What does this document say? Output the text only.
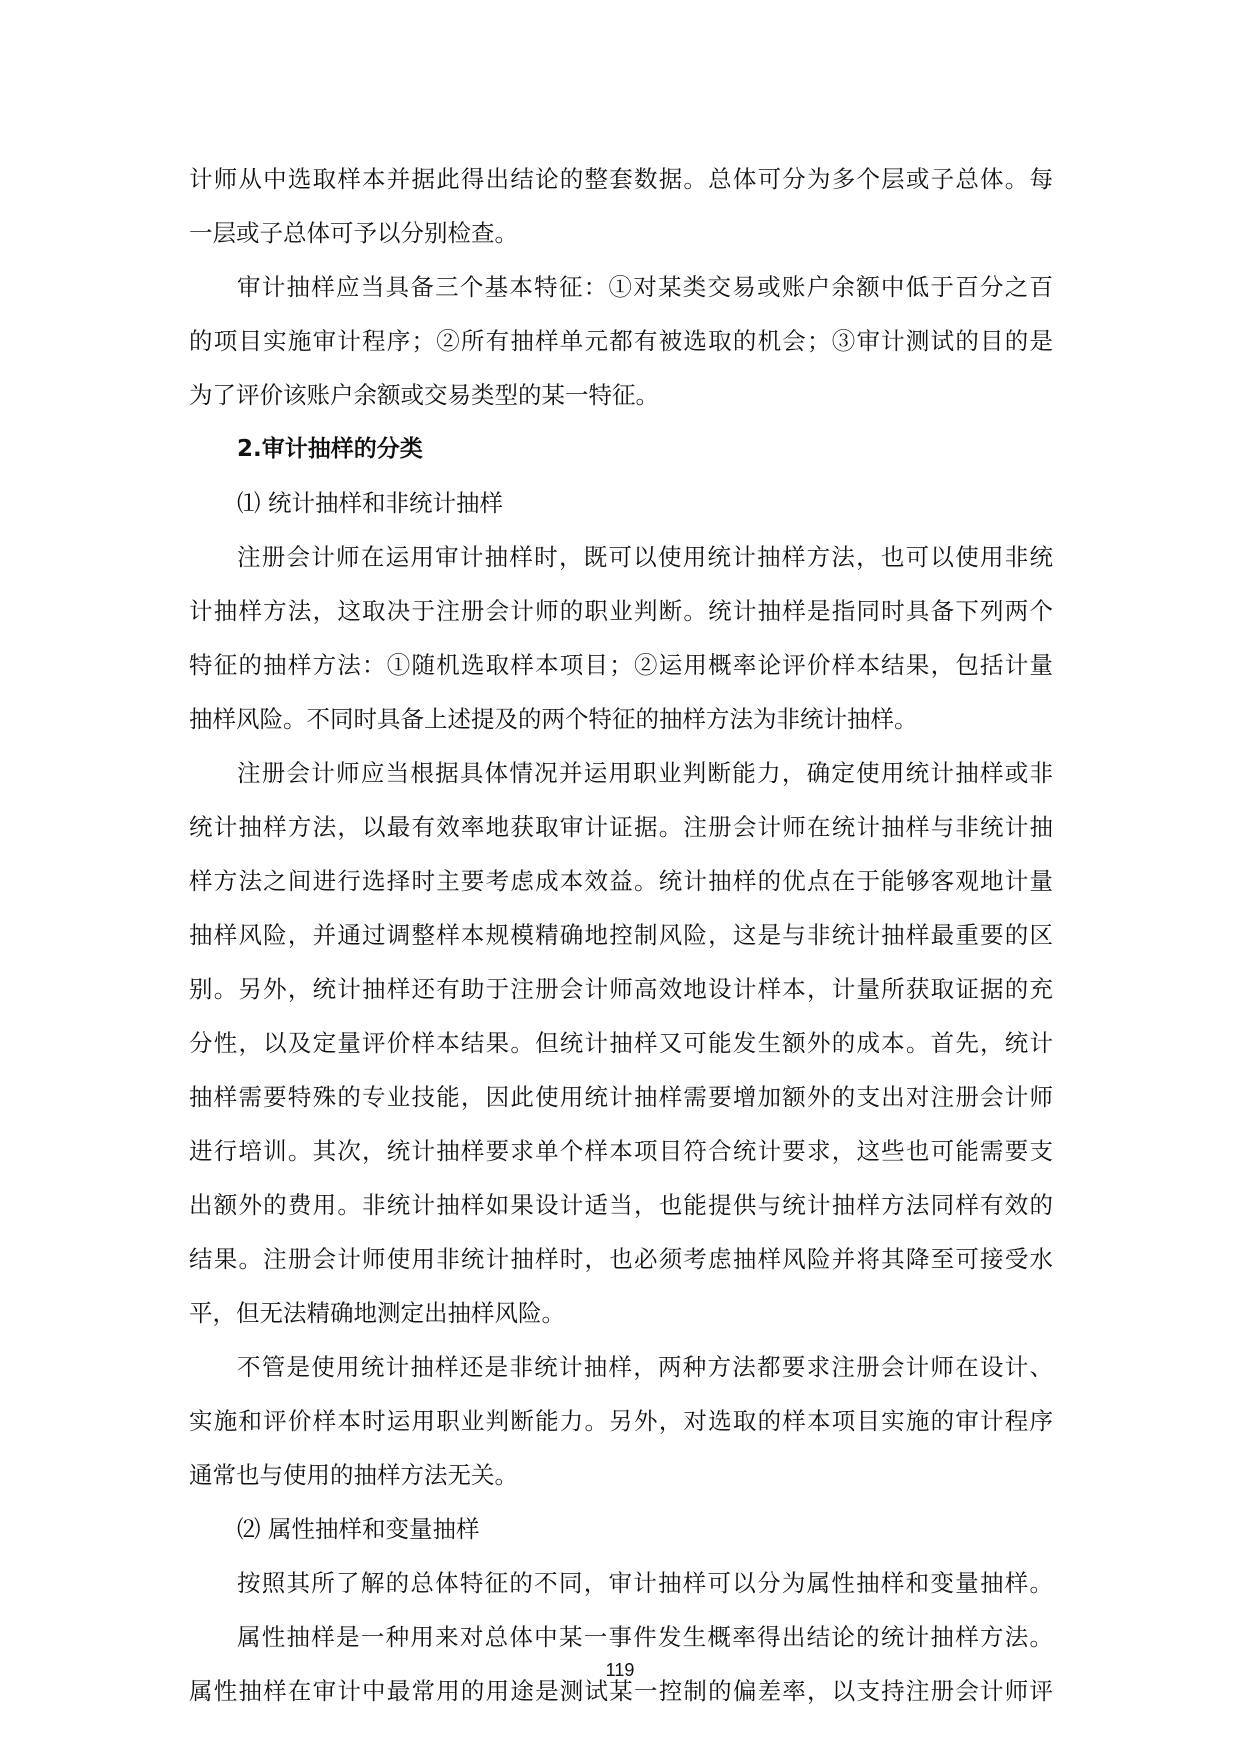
计师从中选取样本并据此得出结论的整套数据。总体可分为多个层或子总体。每
一层或子总体可予以分别检查。
审计抽样应当具备三个基本特征：①对某类交易或账户余额中低于百分之百
的项目实施审计程序；②所有抽样单元都有被选取的机会；③审计测试的目的是
为了评价该账户余额或交易类型的某一特征。
2.审计抽样的分类
⑴ 统计抽样和非统计抽样
注册会计师在运用审计抽样时，既可以使用统计抽样方法，也可以使用非统
计抽样方法，这取决于注册会计师的职业判断。统计抽样是指同时具备下列两个
特征的抽样方法：①随机选取样本项目；②运用概率论评价样本结果，包括计量
抽样风险。不同时具备上述提及的两个特征的抽样方法为非统计抽样。
注册会计师应当根据具体情况并运用职业判断能力，确定使用统计抽样或非
统计抽样方法，以最有效率地获取审计证据。注册会计师在统计抽样与非统计抽
样方法之间进行选择时主要考虑成本效益。统计抽样的优点在于能够客观地计量
抽样风险，并通过调整样本规模精确地控制风险，这是与非统计抽样最重要的区
别。另外，统计抽样还有助于注册会计师高效地设计样本，计量所获取证据的充
分性，以及定量评价样本结果。但统计抽样又可能发生额外的成本。首先，统计
抽样需要特殊的专业技能，因此使用统计抽样需要增加额外的支出对注册会计师
进行培训。其次，统计抽样要求单个样本项目符合统计要求，这些也可能需要支
出额外的费用。非统计抽样如果设计适当，也能提供与统计抽样方法同样有效的
结果。注册会计师使用非统计抽样时，也必须考虑抽样风险并将其降至可接受水
平，但无法精确地测定出抽样风险。
不管是使用统计抽样还是非统计抽样，两种方法都要求注册会计师在设计、
实施和评价样本时运用职业判断能力。另外，对选取的样本项目实施的审计程序
通常也与使用的抽样方法无关。
⑵ 属性抽样和变量抽样
按照其所了解的总体特征的不同，审计抽样可以分为属性抽样和变量抽样。
属性抽样是一种用来对总体中某一事件发生概率得出结论的统计抽样方法。
属性抽样在审计中最常用的用途是测试某一控制的偏差率，以支持注册会计师评
119
